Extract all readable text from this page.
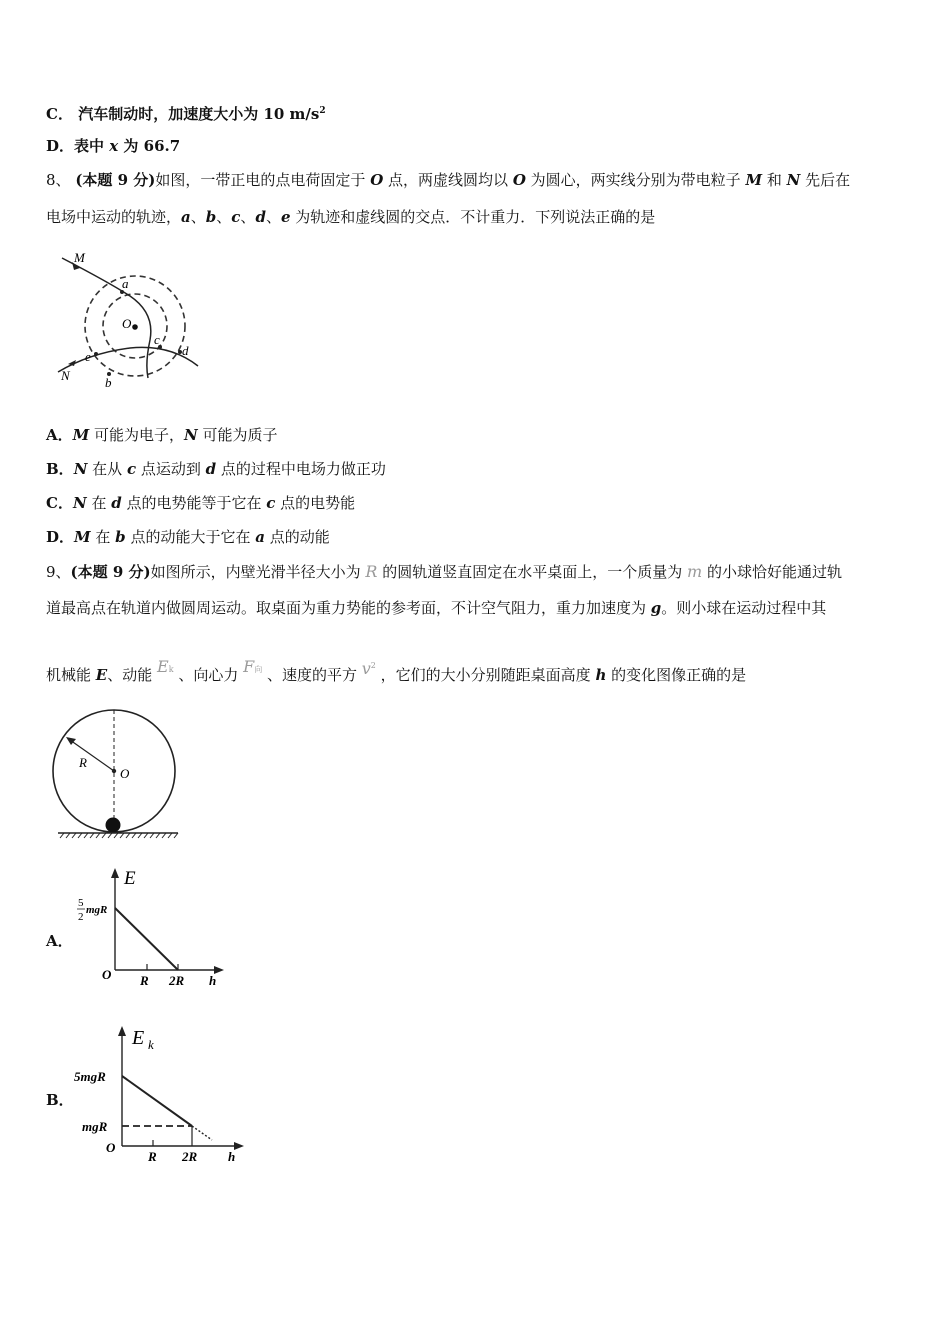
C． 汽车制动时，加速度大小为 10 $m/s^2$
D．表中 x 为 66.7
8、 (本题 9 分)如图，一带正电的点电荷固定于 O 点，两虚线圆均以 O 为圆心，两实线分别为带电粒子 M 和 N 先后在
电场中运动的轨迹，a、b、c、d、e 为轨迹和虚线圆的交点．不计重力．下列说法正确的是
M
a
O
c
d
e
N	b
A．M 可能为电子，N 可能为质子
B．N 在从 c 点运动到 d 点的过程中电场力做正功
C．N 在 d 点的电势能等于它在 c 点的电势能
D．M 在 b 点的动能大于它在 a 点的动能
9、(本题 9 分)如图所示，内壁光滑半径大小为 R 的圆轨道竖直固定在水平桌面上，一个质量为 m 的小球恰好能通过轨
道最高点在轨道内做圆周运动。取桌面为重力势能的参考面，不计空气阻力，重力加速度为 g。则小球在运动过程中其
机械能 E、动能 Ek 、向心力 F向 、速度的平方 $v^2$ ，它们的大小分别随距桌面高度 h 的变化图像正确的是
R
O
A．
E
5
2
mgR
O R 2R h
B．
E k
5mgR
mgR
O
R 2R h
